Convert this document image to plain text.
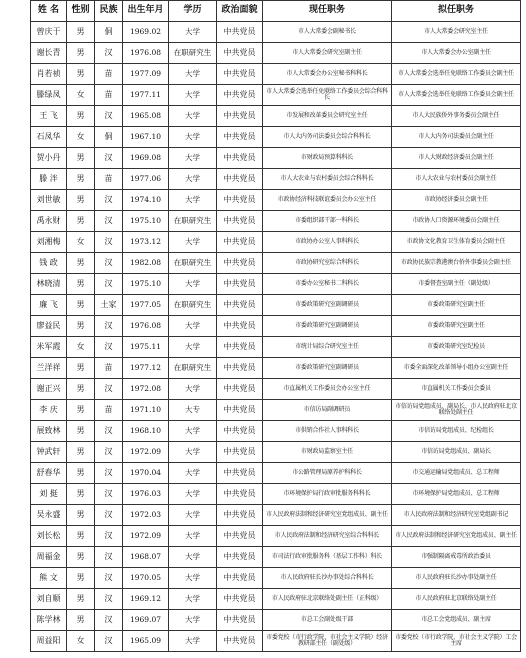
姓 名	性别	民族	出生年月	学历	政治面貌	现任职务	拟任职务
曾庆于	男	侗	1969.02	大学	中共党员	市人大常委会副秘书长	市人大常委会研究室主任
谢长青	男	汉	1976.08	在职研究生	中共党员	市人大常委会研究室副主任	市人大常委会办公室副主任
肖若祯	男	苗	1977.09	大学	中共党员	市人大常委会办公室秘书科科长	市人大常委会选举任免联络工作委员会副主任
滕绿凤	女	苗	1977.11	大学	中共党员	市人大常委会选举任免联络工作委员会综合科科长	市人大常委会选举任免联络工作委员会副主任
王 飞	男	汉	1965.08	大学	中共党员	市发展和改革委员会研究室主任	市人大民族侨外事务委员会副主任
石凤华	女	侗	1967.10	大学	中共党员	市人大内务司法委员会综合科科长	市人大内务司法委员会副主任
贺小丹	男	汉	1969.08	大学	中共党员	市财政局预算科科长	市人大财政经济委员会副主任
滕 泮	男	苗	1977.06	大学	中共党员	市人大农业与农村委员会综合科科长	市人大农业与农村委员会副主任
刘世敏	男	汉	1974.10	大学	中共党员	市政协经济科技联谊委员会办公室主任	市政协经济委员会副主任
禹永财	男	汉	1975.10	在职研究生	中共党员	市委组织部干部一科科长	市政协人口资源环境委员会副主任
刘湘梅	女	汉	1973.12	大学	中共党员	市政协办公室人事科科长	市政协文化教育卫生体育委员会副主任
钱 政	男	汉	1982.08	在职研究生	中共党员	市政协研究室综合科科长	市政协民族宗教港澳台侨外事委员会副主任
林晓清	男	汉	1975.10	大学	中共党员	市委办公室秘书二科科长	市委督查室副主任（副处级）
廉 飞	男	土家	1977.05	在职研究生	中共党员	市委政策研究室副调研员	市委政策研究室副主任
廖益民	男	汉	1976.08	大学	中共党员	市委政策研究室副调研员	市委政策研究室副主任
米军霞	女	汉	1975.11	大学	中共党员	市统计局综合研究室主任	市委政策研究室纪检员
兰洋祥	男	苗	1977.12	在职研究生	中共党员	市委政策研究室副调研员	市委全面深化改革领导小组办公室副主任
谢正兴	男	汉	1972.08	大学	中共党员	市直属机关工作委员会办公室主任	市直属机关工作委员会委员
李 庆	男	苗	1971.10	大专	中共党员	市信访局副调研员	市信访局党组成员、副局长、市人民政府驻北京联络处副主任
展致林	男	汉	1968.10	大学	中共党员	市供销合作社人事科科长	市信访局党组成员、纪检组长
钟武轩	男	汉	1972.09	大学	中共党员	市财政局监察室主任	市信访局党组成员、副局长
舒春华	男	汉	1970.04	大学	中共党员	市公路管理局原养护科科长	市交通运输局党组成员、总工程师
刘 挺	男	汉	1976.03	大学	中共党员	市环境保护局行政审批服务科科长	市环境保护局党组成员、总工程师
吴永盛	男	汉	1972.03	大学	中共党员	市人民政府法制和经济研究室党组成员、副主任	市人民政府法制和经济研究室党组副书记
刘长松	男	汉	1972.09	大学	中共党员	市人民政府法制和经济研究室综合科科长	市人民政府法制和经济研究室党组成员、副主任
周福金	男	汉	1968.07	大学	中共党员	市司法行政审批服务科（基层工作科）科长	市强制隔离戒毒所政治委员
熊 文	男	汉	1970.05	大学	中共党员	市人民政府驻长沙办事处综合科科长	市人民政府驻长沙办事处副主任
刘自顺	男	汉	1969.12	大学	中共党员	市人民政府驻北京联络处副主任（正科级）	市人民政府驻北京联络处副主任
陈学林	男	汉	1969.07	大学	中共党员	市总工会副处级干部	市总工会党组成员、副主席
周益阳	女	汉	1965.09	大学	中共党员	市委党校（市行政学院、市社会主义学院）经济教研部主任（副处级）	市委党校（市行政学院、市社会主义学院）工会主席
